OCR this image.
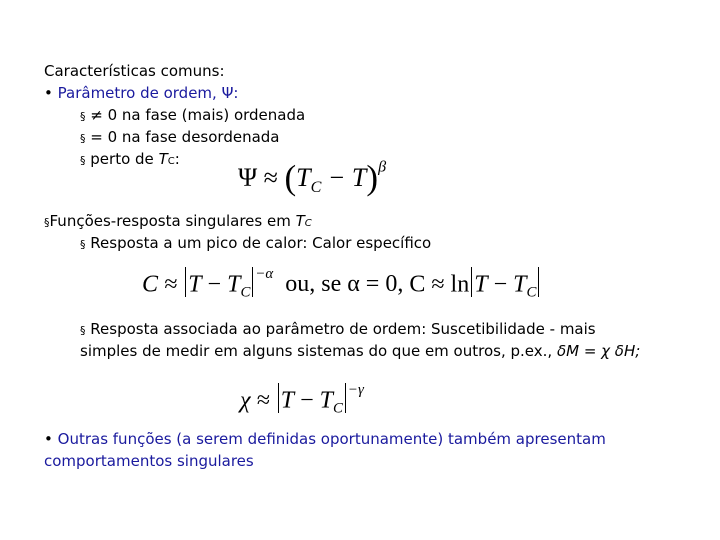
Características comuns:
• Parâmetro de ordem, Ψ:
§ ≠ 0 na fase (mais) ordenada
§ = 0 na fase desordenada
§ perto de TC:
$\Psi \approx (T_C - T)^\beta$
§Funções-resposta singulares em TC
§ Resposta a um pico de calor: Calor específico
$C \approx T - T_C^{-\alpha}$ ou, se α = 0, $C \approx \ln T - T_C$
§ Resposta associada ao parâmetro de ordem: Suscetibilidade - mais
simples de medir em alguns sistemas do que em outros, p.ex., δM = χ δH;
$\chi \approx T - T_C^{-\gamma}$
• Outras funções (a serem definidas oportunamente) também apresentam
comportamentos singulares
